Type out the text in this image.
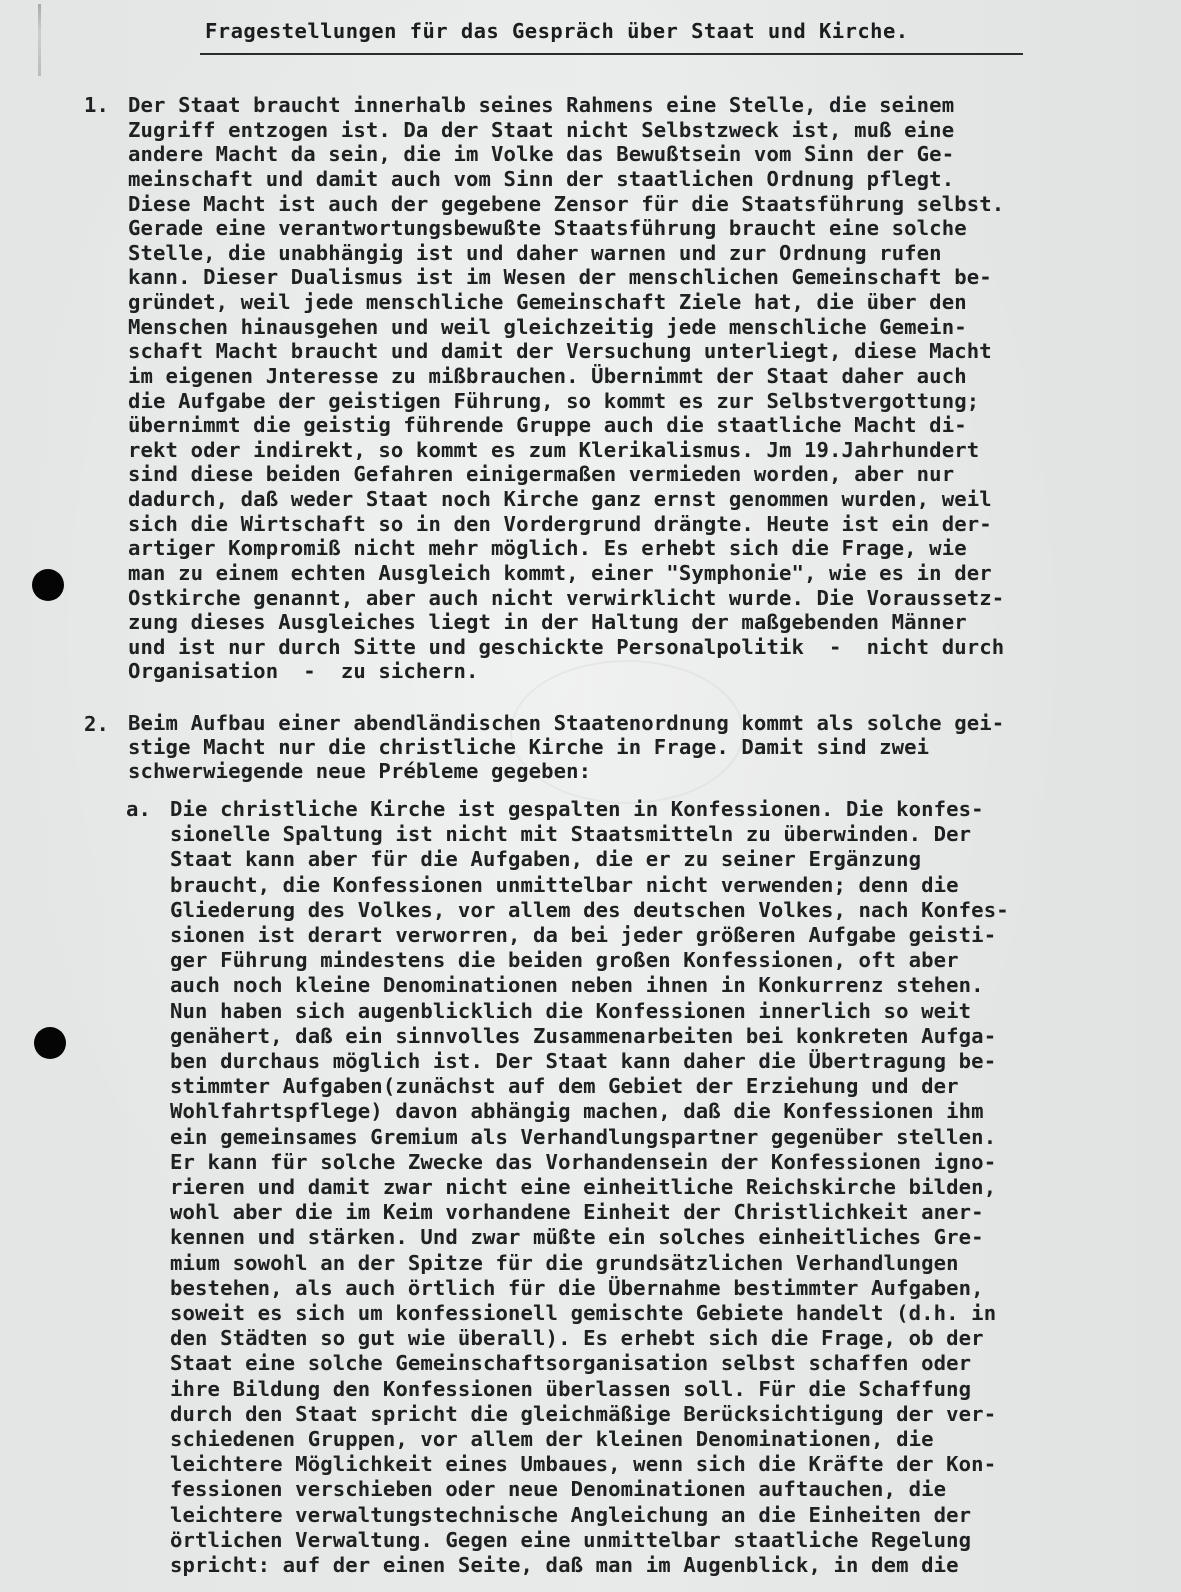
Fragestellungen für das Gespräch über Staat und Kirche.
1. Der Staat braucht innerhalb seines Rahmens eine Stelle, die seinem
Zugriff entzogen ist. Da der Staat nicht Selbstzweck ist, muß eine
andere Macht da sein, die im Volke das Bewußtsein vom Sinn der Ge-
meinschaft und damit auch vom Sinn der staatlichen Ordnung pflegt.
Diese Macht ist auch der gegebene Zensor für die Staatsführung selbst.
Gerade eine verantwortungsbewußte Staatsführung braucht eine solche
Stelle, die unabhängig ist und daher warnen und zur Ordnung rufen
kann. Dieser Dualismus ist im Wesen der menschlichen Gemeinschaft be-
gründet, weil jede menschliche Gemeinschaft Ziele hat, die über den
Menschen hinausgehen und weil gleichzeitig jede menschliche Gemein-
schaft Macht braucht und damit der Versuchung unterliegt, diese Macht
im eigenen Jnteresse zu mißbrauchen. Übernimmt der Staat daher auch
die Aufgabe der geistigen Führung, so kommt es zur Selbstvergottung;
übernimmt die geistig führende Gruppe auch die staatliche Macht di-
rekt oder indirekt, so kommt es zum Klerikalismus. Jm 19.Jahrhundert
sind diese beiden Gefahren einigermaßen vermieden worden, aber nur
dadurch, daß weder Staat noch Kirche ganz ernst genommen wurden, weil
sich die Wirtschaft so in den Vordergrund drängte. Heute ist ein der-
artiger Kompromiß nicht mehr möglich. Es erhebt sich die Frage, wie
man zu einem echten Ausgleich kommt, einer "Symphonie", wie es in der
Ostkirche genannt, aber auch nicht verwirklicht wurde. Die Voraussetz-
zung dieses Ausgleiches liegt in der Haltung der maßgebenden Männer
und ist nur durch Sitte und geschickte Personalpolitik  -  nicht durch
Organisation  -  zu sichern.
2. Beim Aufbau einer abendländischen Staatenordnung kommt als solche gei-
stige Macht nur die christliche Kirche in Frage. Damit sind zwei
schwerwiegende neue Prébleme gegeben:
a. Die christliche Kirche ist gespalten in Konfessionen. Die konfes-
sionelle Spaltung ist nicht mit Staatsmitteln zu überwinden. Der
Staat kann aber für die Aufgaben, die er zu seiner Ergänzung
braucht, die Konfessionen unmittelbar nicht verwenden; denn die
Gliederung des Volkes, vor allem des deutschen Volkes, nach Konfes-
sionen ist derart verworren, da bei jeder größeren Aufgabe geisti-
ger Führung mindestens die beiden großen Konfessionen, oft aber
auch noch kleine Denominationen neben ihnen in Konkurrenz stehen.
Nun haben sich augenblicklich die Konfessionen innerlich so weit
genähert, daß ein sinnvolles Zusammenarbeiten bei konkreten Aufga-
ben durchaus möglich ist. Der Staat kann daher die Übertragung be-
stimmter Aufgaben(zunächst auf dem Gebiet der Erziehung und der
Wohlfahrtspflege) davon abhängig machen, daß die Konfessionen ihm
ein gemeinsames Gremium als Verhandlungspartner gegenüber stellen.
Er kann für solche Zwecke das Vorhandensein der Konfessionen igno-
rieren und damit zwar nicht eine einheitliche Reichskirche bilden,
wohl aber die im Keim vorhandene Einheit der Christlichkeit aner-
kennen und stärken. Und zwar müßte ein solches einheitliches Gre-
mium sowohl an der Spitze für die grundsätzlichen Verhandlungen
bestehen, als auch örtlich für die Übernahme bestimmter Aufgaben,
soweit es sich um konfessionell gemischte Gebiete handelt (d.h. in
den Städten so gut wie überall). Es erhebt sich die Frage, ob der
Staat eine solche Gemeinschaftsorganisation selbst schaffen oder
ihre Bildung den Konfessionen überlassen soll. Für die Schaffung
durch den Staat spricht die gleichmäßige Berücksichtigung der ver-
schiedenen Gruppen, vor allem der kleinen Denominationen, die
leichtere Möglichkeit eines Umbaues, wenn sich die Kräfte der Kon-
fessionen verschieben oder neue Denominationen auftauchen, die
leichtere verwaltungstechnische Angleichung an die Einheiten der
örtlichen Verwaltung. Gegen eine unmittelbar staatliche Regelung
spricht: auf der einen Seite, daß man im Augenblick, in dem die
